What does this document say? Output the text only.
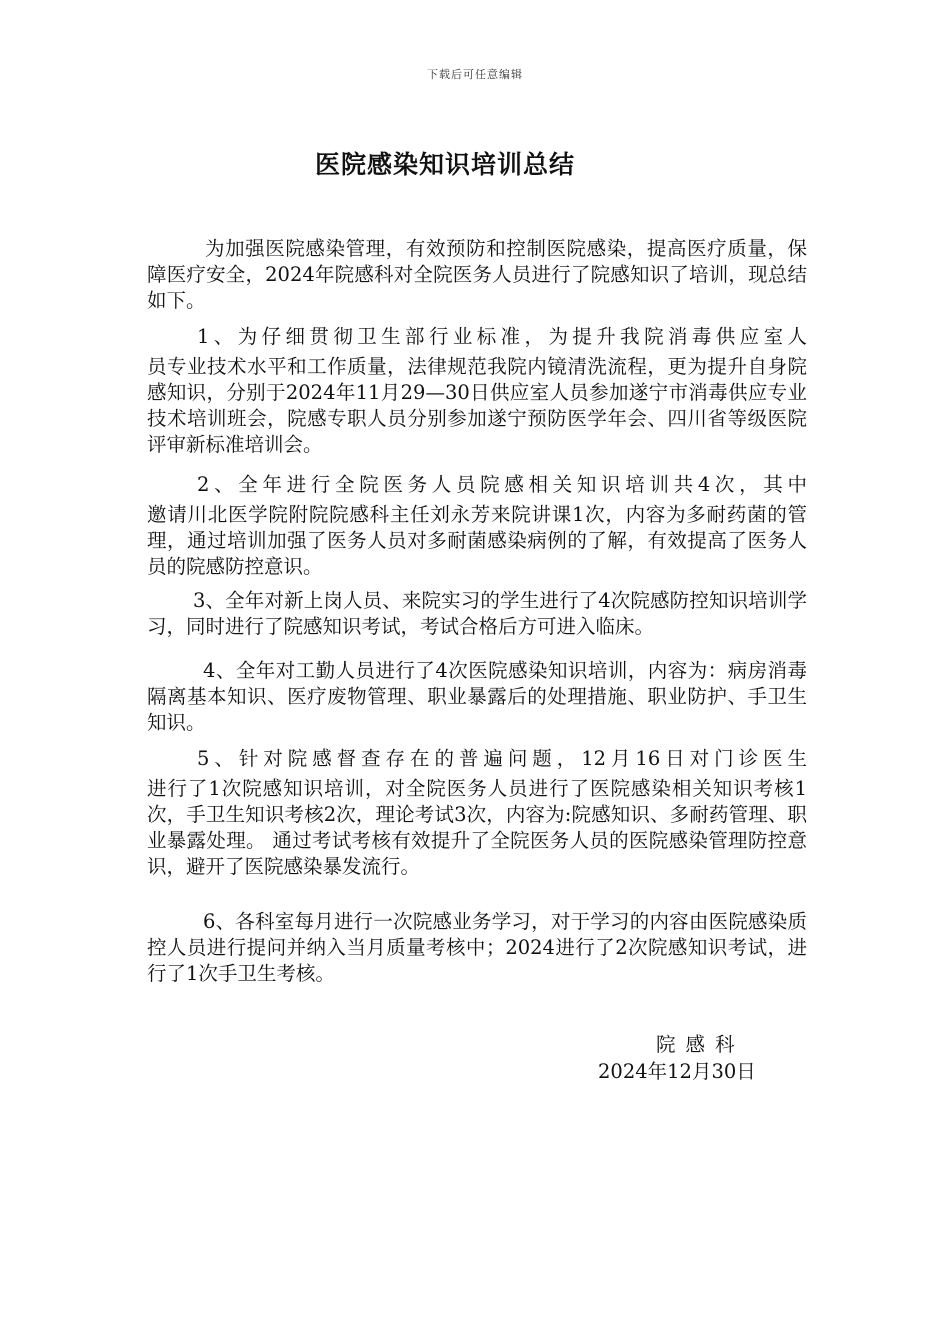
下载后可任意编辑
医院感染知识培训总结

为加强医院感染管理，有效预防和控制医院感染，提高医疗质量，保障医疗安全，2024年院感科对全院医务人员进行了院感知识了培训，现总结如下。

1、为仔细贯彻卫生部行业标准，为提升我院消毒供应室人
员专业技术水平和工作质量，法律规范我院内镜清洗流程，更为提升自身院感知识，分别于2024年11月29—30日供应室人员参加遂宁市消毒供应专业技术培训班会，院感专职人员分别参加遂宁预防医学年会、四川省等级医院评审新标准培训会。
2、全年进行全院医务人员院感相关知识培训共4次，其中
邀请川北医学院附院院感科主任刘永芳来院讲课1次，内容为多耐药菌的管理，通过培训加强了医务人员对多耐菌感染病例的了解，有效提高了医务人员的院感防控意识。

3、全年对新上岗人员、来院实习的学生进行了4次院感防控知识培训学习，同时进行了院感知识考试，考试合格后方可进入临床。

4、全年对工勤人员进行了4次医院感染知识培训，内容为：病房消毒隔离基本知识、医疗废物管理、职业暴露后的处理措施、职业防护、手卫生知识。

5、针对院感督查存在的普遍问题，12月16日对门诊医生
进行了1次院感知识培训，对全院医务人员进行了医院感染相关知识考核1次，手卫生知识考核2次，理论考试3次，内容为:院感知识、多耐药管理、职业暴露处理。 通过考试考核有效提升了全院医务人员的医院感染管理防控意识，避开了医院感染暴发流行。

6、各科室每月进行一次院感业务学习，对于学习的内容由医院感染质控人员进行提问并纳入当月质量考核中；2024进行了2次院感知识考试，进行了1次手卫生考核。

院感科
2024年12月30日
